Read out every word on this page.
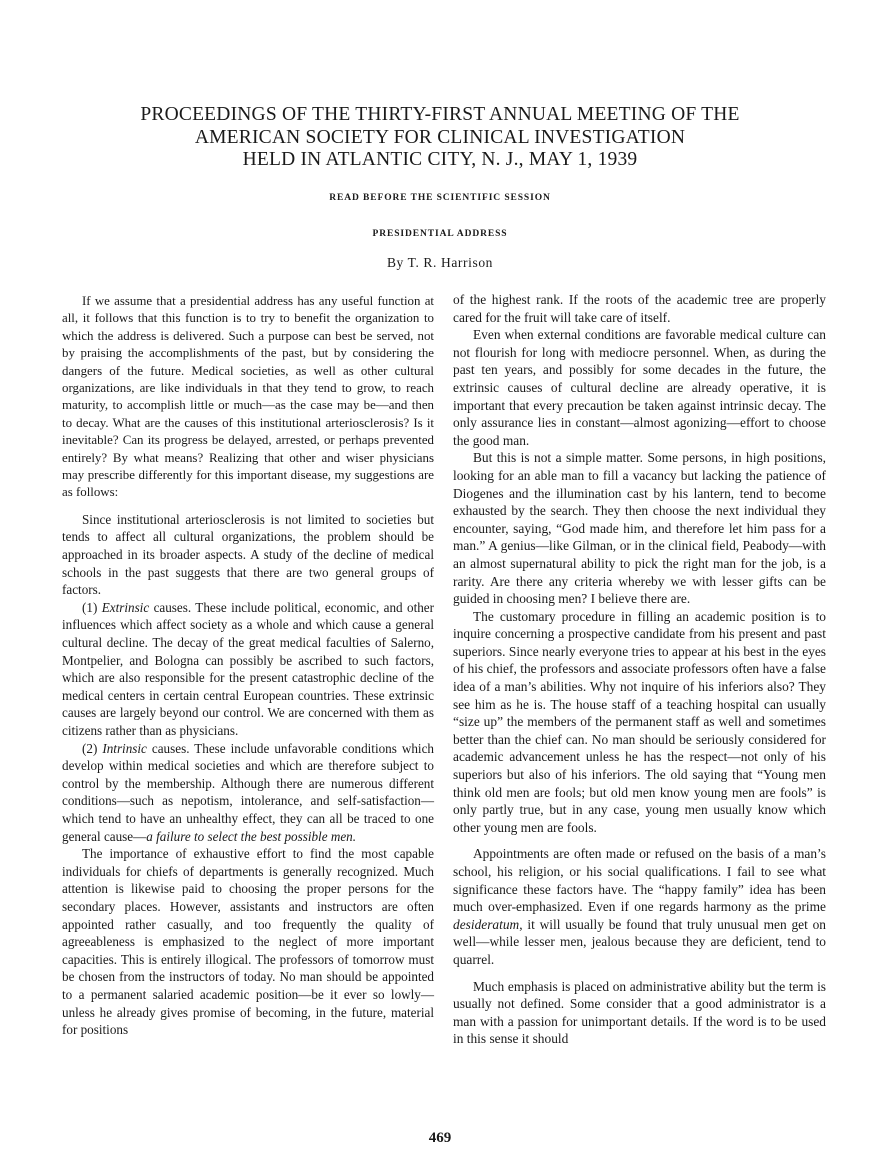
PROCEEDINGS OF THE THIRTY-FIRST ANNUAL MEETING OF THE
AMERICAN SOCIETY FOR CLINICAL INVESTIGATION
HELD IN ATLANTIC CITY, N. J., MAY 1, 1939
READ BEFORE THE SCIENTIFIC SESSION
PRESIDENTIAL ADDRESS
By T. R. Harrison

If we assume that a presidential address has any useful function at all, it follows that this function is to try to benefit the organization to which the address is delivered. Such a purpose can best be served, not by praising the accomplishments of the past, but by considering the dangers of the future. Medical societies, as well as other cultural organizations, are like individuals in that they tend to grow, to reach maturity, to accomplish little or much—as the case may be—and then to decay. What are the causes of this institutional arteriosclerosis? Is it inevitable? Can its progress be delayed, arrested, or perhaps prevented entirely? By what means? Realizing that other and wiser physicians may prescribe differently for this important disease, my suggestions are as follows:

Since institutional arteriosclerosis is not limited to societies but tends to affect all cultural organizations, the problem should be approached in its broader aspects. A study of the decline of medical schools in the past suggests that there are two general groups of factors.

(1) Extrinsic causes. These include political, economic, and other influences which affect society as a whole and which cause a general cultural decline. The decay of the great medical faculties of Salerno, Montpelier, and Bologna can possibly be ascribed to such factors, which are also responsible for the present catastrophic decline of the medical centers in certain central European countries. These extrinsic causes are largely beyond our control. We are concerned with them as citizens rather than as physicians.

(2) Intrinsic causes. These include unfavorable conditions which develop within medical societies and which are therefore subject to control by the membership. Although there are numerous different conditions—such as nepotism, intolerance, and self-satisfaction—which tend to have an unhealthy effect, they can all be traced to one general cause—a failure to select the best possible men.

The importance of exhaustive effort to find the most capable individuals for chiefs of departments is generally recognized. Much attention is likewise paid to choosing the proper persons for the secondary places. However, assistants and instructors are often appointed rather casually, and too frequently the quality of agreeableness is emphasized to the neglect of more important capacities. This is entirely illogical. The professors of tomorrow must be chosen from the instructors of today. No man should be appointed to a permanent salaried academic position—be it ever so lowly—unless he already gives promise of becoming, in the future, material for positions

of the highest rank. If the roots of the academic tree are properly cared for the fruit will take care of itself.

Even when external conditions are favorable medical culture can not flourish for long with mediocre personnel. When, as during the past ten years, and possibly for some decades in the future, the extrinsic causes of cultural decline are already operative, it is important that every precaution be taken against intrinsic decay. The only assurance lies in constant—almost agonizing—effort to choose the good man.

But this is not a simple matter. Some persons, in high positions, looking for an able man to fill a vacancy but lacking the patience of Diogenes and the illumination cast by his lantern, tend to become exhausted by the search. They then choose the next individual they encounter, saying, “God made him, and therefore let him pass for a man.” A genius—like Gilman, or in the clinical field, Peabody—with an almost supernatural ability to pick the right man for the job, is a rarity. Are there any criteria whereby we with lesser gifts can be guided in choosing men? I believe there are.

The customary procedure in filling an academic position is to inquire concerning a prospective candidate from his present and past superiors. Since nearly everyone tries to appear at his best in the eyes of his chief, the professors and associate professors often have a false idea of a man’s abilities. Why not inquire of his inferiors also? They see him as he is. The house staff of a teaching hospital can usually “size up” the members of the permanent staff as well and sometimes better than the chief can. No man should be seriously considered for academic advancement unless he has the respect—not only of his superiors but also of his inferiors. The old saying that “Young men think old men are fools; but old men know young men are fools” is only partly true, but in any case, young men usually know which other young men are fools.

Appointments are often made or refused on the basis of a man’s school, his religion, or his social qualifications. I fail to see what significance these factors have. The “happy family” idea has been much over-emphasized. Even if one regards harmony as the prime desideratum, it will usually be found that truly unusual men get on well—while lesser men, jealous because they are deficient, tend to quarrel.

Much emphasis is placed on administrative ability but the term is usually not defined. Some consider that a good administrator is a man with a passion for unimportant details. If the word is to be used in this sense it should

469
